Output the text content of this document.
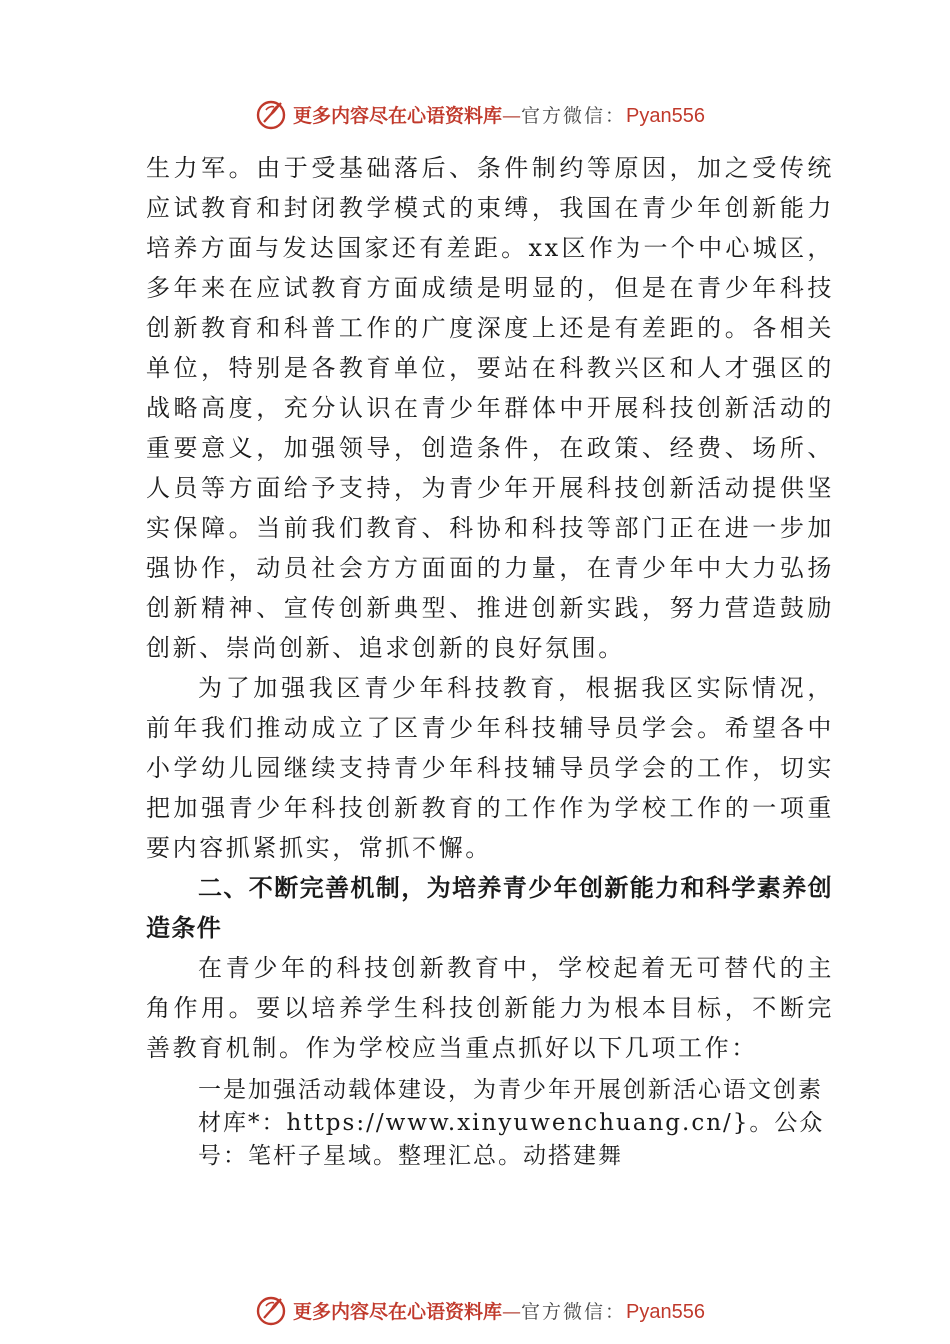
更多内容尽在心语资料库—官方微信：Pyan556

生力军。由于受基础落后、条件制约等原因，加之受传统应试教育和封闭教学模式的束缚，我国在青少年创新能力培养方面与发达国家还有差距。xx区作为一个中心城区，多年来在应试教育方面成绩是明显的，但是在青少年科技创新教育和科普工作的广度深度上还是有差距的。各相关单位，特别是各教育单位，要站在科教兴区和人才强区的战略高度，充分认识在青少年群体中开展科技创新活动的重要意义，加强领导，创造条件，在政策、经费、场所、人员等方面给予支持，为青少年开展科技创新活动提供坚实保障。当前我们教育、科协和科技等部门正在进一步加强协作，动员社会方方面面的力量，在青少年中大力弘扬创新精神、宣传创新典型、推进创新实践，努力营造鼓励创新、崇尚创新、追求创新的良好氛围。

为了加强我区青少年科技教育，根据我区实际情况，前年我们推动成立了区青少年科技辅导员学会。希望各中小学幼儿园继续支持青少年科技辅导员学会的工作，切实把加强青少年科技创新教育的工作作为学校工作的一项重要内容抓紧抓实，常抓不懈。

二、不断完善机制，为培养青少年创新能力和科学素养创造条件

在青少年的科技创新教育中，学校起着无可替代的主角作用。要以培养学生科技创新能力为根本目标，不断完善教育机制。作为学校应当重点抓好以下几项工作：

一是加强活动载体建设，为青少年开展创新活心语文创素材库*：https://www.xinyuwenchuang.cn/}。公众号：笔杆子星域。整理汇总。动搭建舞

更多内容尽在心语资料库—官方微信：Pyan556
